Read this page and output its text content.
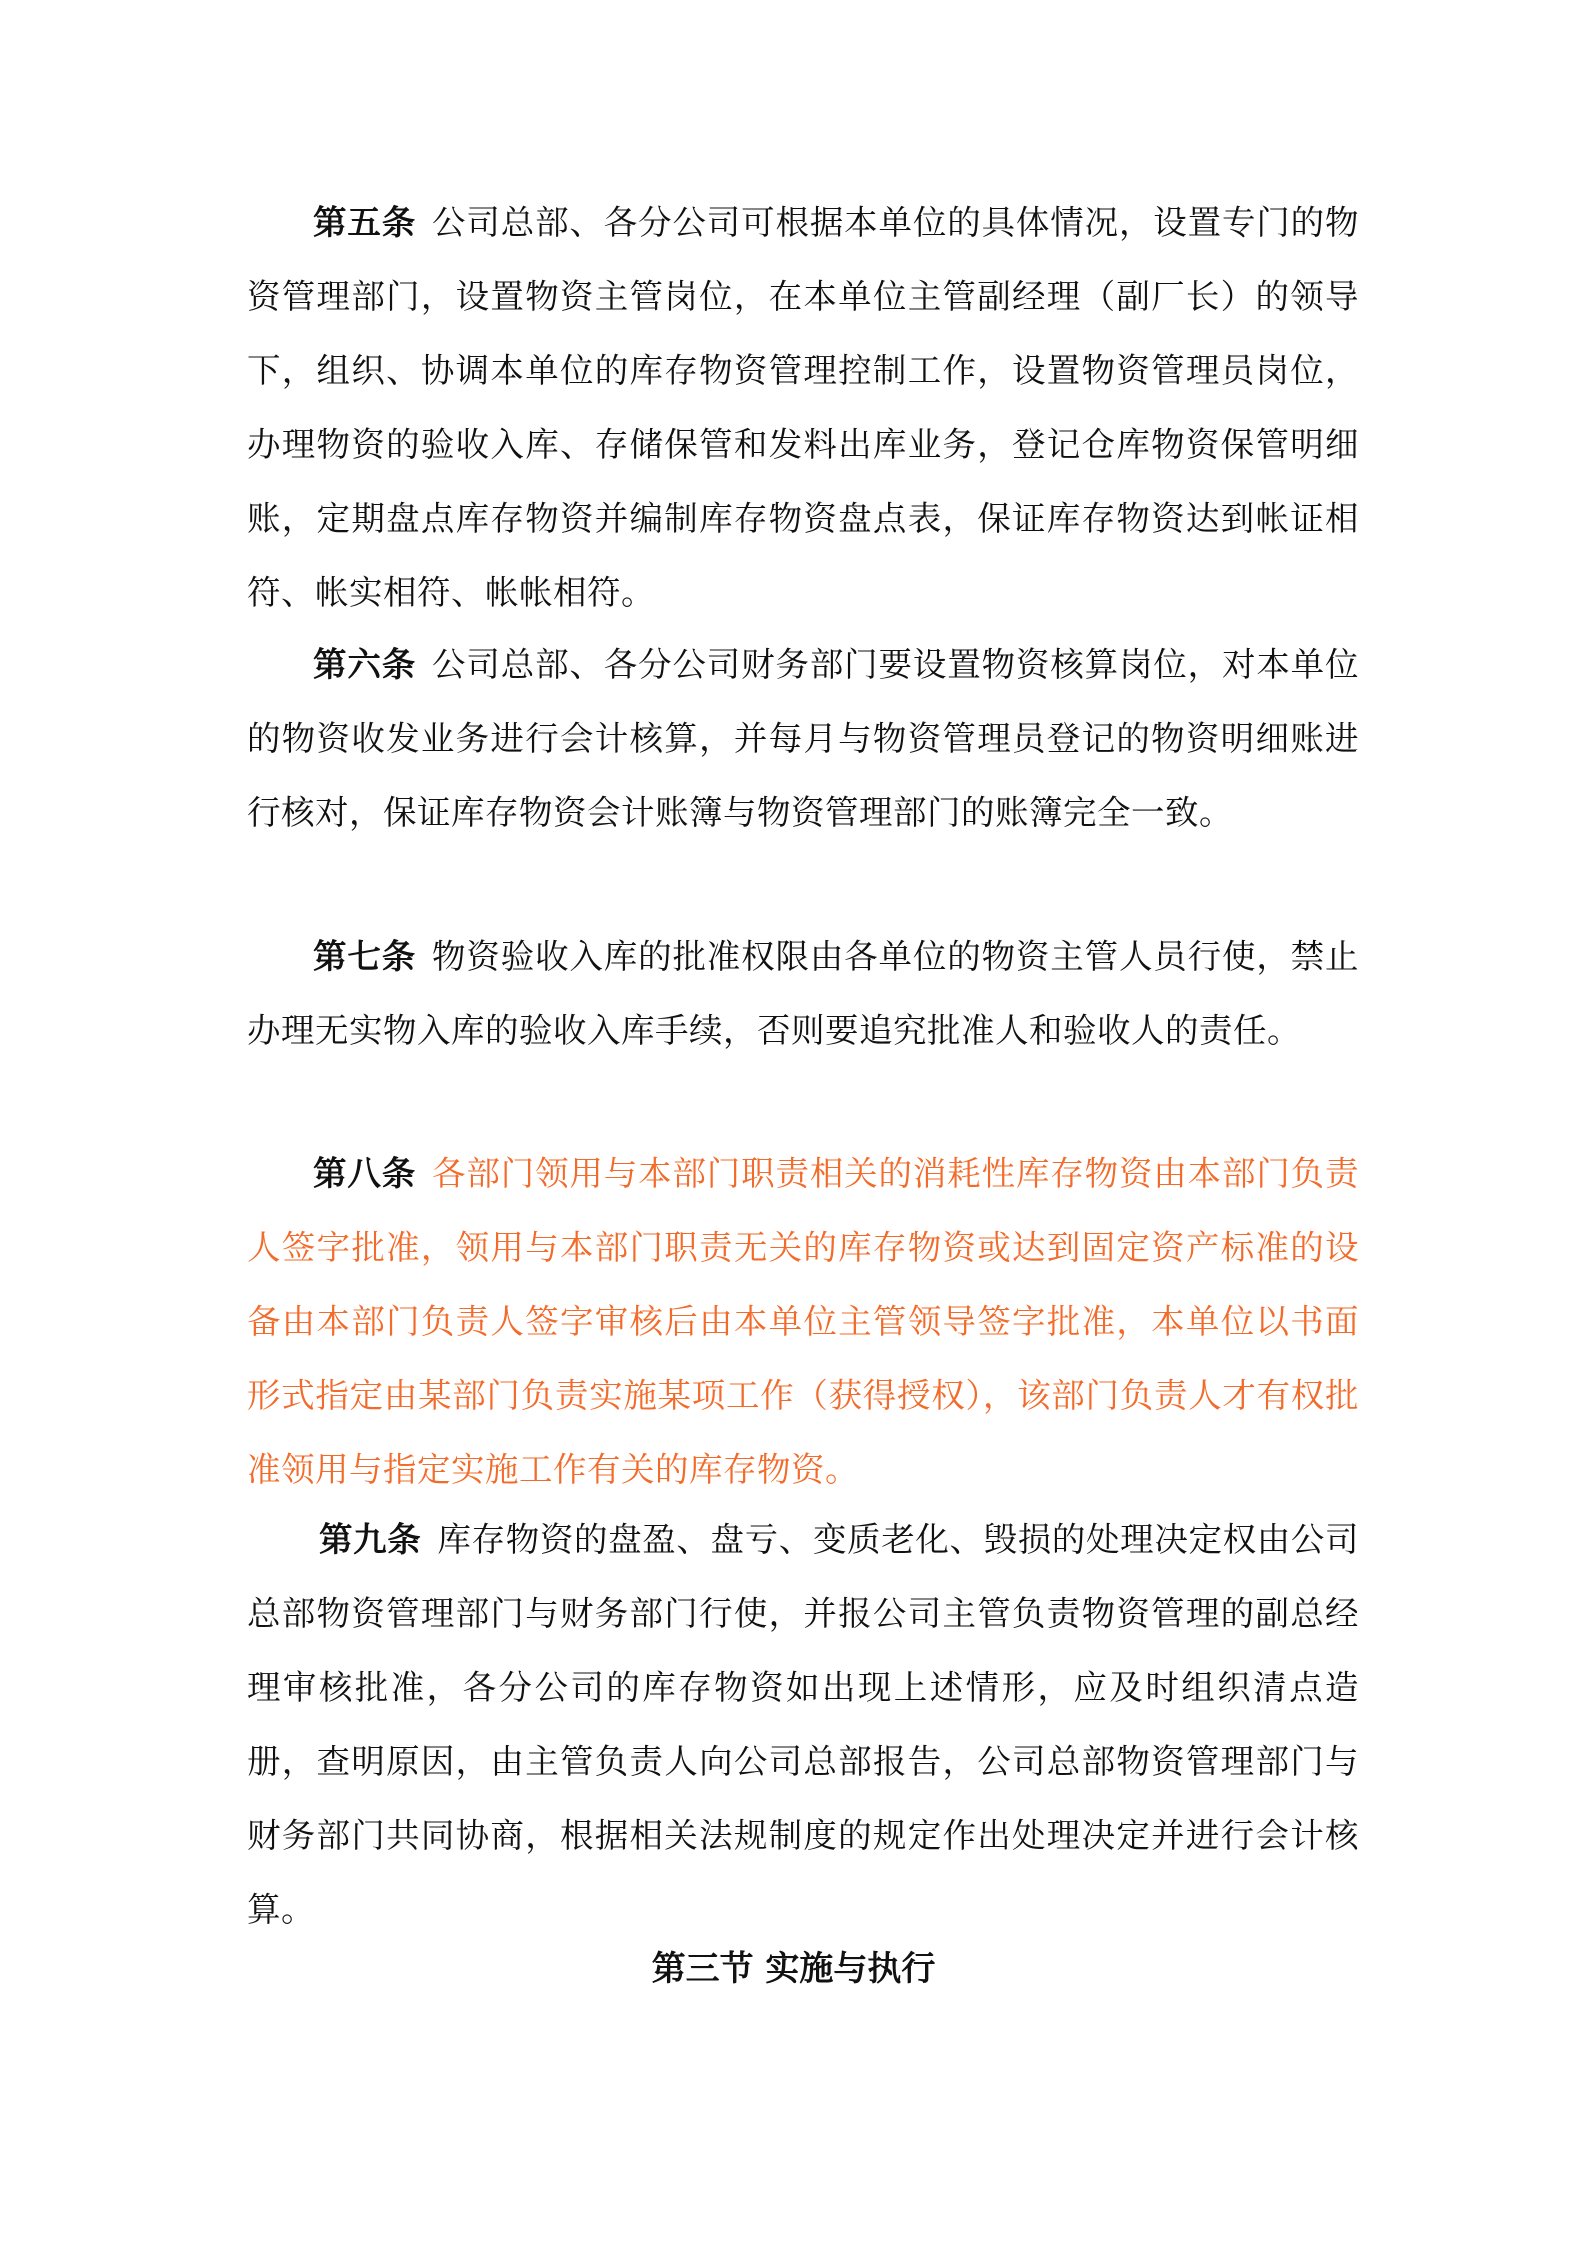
第五条 公司总部、各分公司可根据本单位的具体情况，设置专门的物资管理部门，设置物资主管岗位，在本单位主管副经理（副厂长）的领导下，组织、协调本单位的库存物资管理控制工作，设置物资管理员岗位，办理物资的验收入库、存储保管和发料出库业务，登记仓库物资保管明细账，定期盘点库存物资并编制库存物资盘点表，保证库存物资达到帐证相符、帐实相符、帐帐相符。

第六条 公司总部、各分公司财务部门要设置物资核算岗位，对本单位的物资收发业务进行会计核算，并每月与物资管理员登记的物资明细账进行核对，保证库存物资会计账簿与物资管理部门的账簿完全一致。

第七条 物资验收入库的批准权限由各单位的物资主管人员行使，禁止办理无实物入库的验收入库手续，否则要追究批准人和验收人的责任。

第八条 各部门领用与本部门职责相关的消耗性库存物资由本部门负责人签字批准，领用与本部门职责无关的库存物资或达到固定资产标准的设备由本部门负责人签字审核后由本单位主管领导签字批准，本单位以书面形式指定由某部门负责实施某项工作（获得授权），该部门负责人才有权批准领用与指定实施工作有关的库存物资。

第九条 库存物资的盘盈、盘亏、变质老化、毁损的处理决定权由公司总部物资管理部门与财务部门行使，并报公司主管负责物资管理的副总经理审核批准，各分公司的库存物资如出现上述情形，应及时组织清点造册，查明原因，由主管负责人向公司总部报告，公司总部物资管理部门与财务部门共同协商，根据相关法规制度的规定作出处理决定并进行会计核算。

第三节 实施与执行
